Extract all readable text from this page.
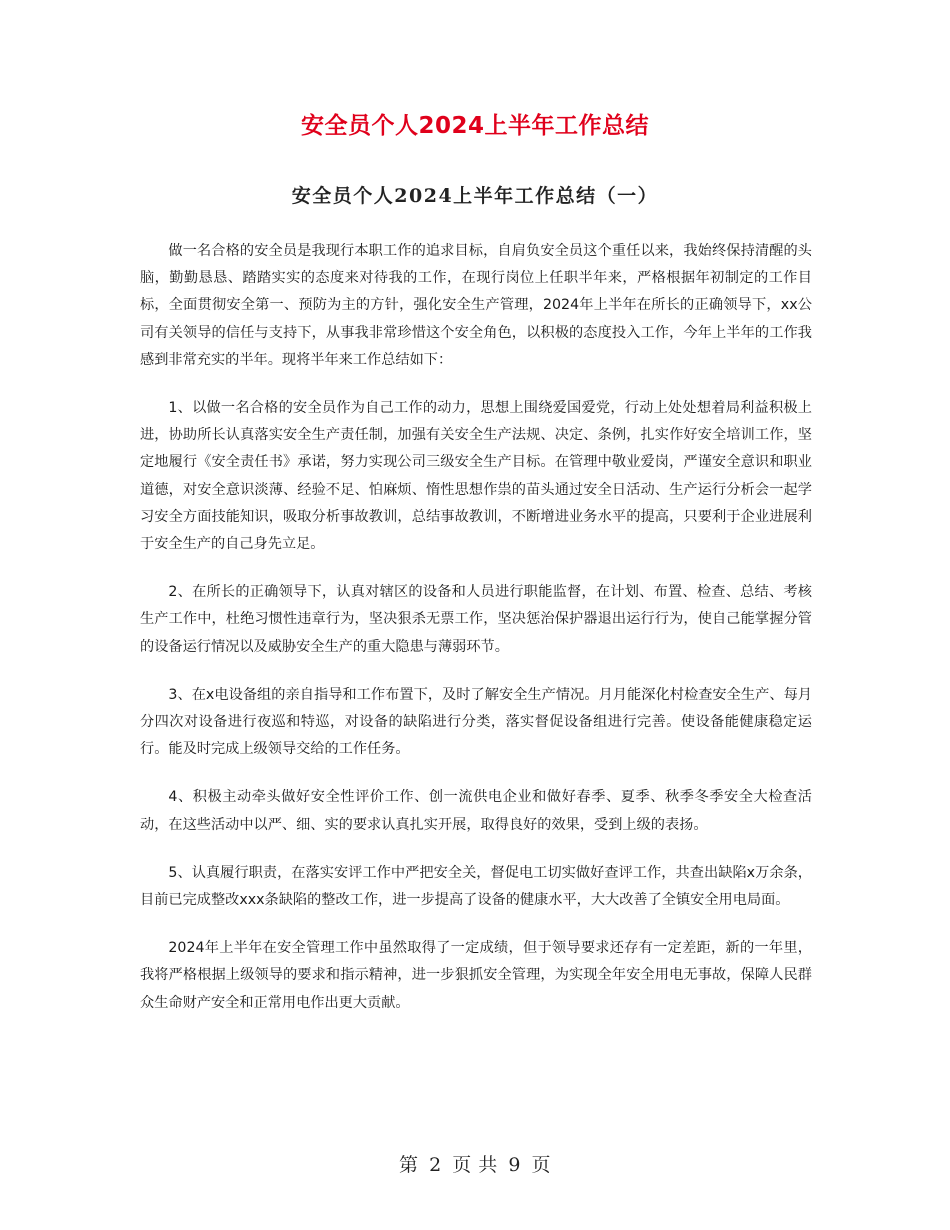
安全员个人2024上半年工作总结
安全员个人2024上半年工作总结（一）

做一名合格的安全员是我现行本职工作的追求目标，自肩负安全员这个重任以来，我始终保持清醒的头脑，勤勤恳恳、踏踏实实的态度来对待我的工作，在现行岗位上任职半年来，严格根据年初制定的工作目标，全面贯彻安全第一、预防为主的方针，强化安全生产管理，2024年上半年在所长的正确领导下，xx公司有关领导的信任与支持下，从事我非常珍惜这个安全角色，以积极的态度投入工作，今年上半年的工作我感到非常充实的半年。现将半年来工作总结如下：

1、以做一名合格的安全员作为自己工作的动力，思想上围绕爱国爱党，行动上处处想着局利益积极上进，协助所长认真落实安全生产责任制，加强有关安全生产法规、决定、条例，扎实作好安全培训工作，坚定地履行《安全责任书》承诺，努力实现公司三级安全生产目标。在管理中敬业爱岗，严谨安全意识和职业道德，对安全意识淡薄、经验不足、怕麻烦、惰性思想作祟的苗头通过安全日活动、生产运行分析会一起学习安全方面技能知识，吸取分析事故教训，总结事故教训，不断增进业务水平的提高，只要利于企业进展利于安全生产的自己身先立足。

2、在所长的正确领导下，认真对辖区的设备和人员进行职能监督，在计划、布置、检查、总结、考核生产工作中，杜绝习惯性违章行为，坚决狠杀无票工作，坚决惩治保护器退出运行行为，使自己能掌握分管的设备运行情况以及威胁安全生产的重大隐患与薄弱环节。

3、在x电设备组的亲自指导和工作布置下，及时了解安全生产情况。月月能深化村检查安全生产、每月分四次对设备进行夜巡和特巡，对设备的缺陷进行分类，落实督促设备组进行完善。使设备能健康稳定运行。能及时完成上级领导交给的工作任务。

4、积极主动牵头做好安全性评价工作、创一流供电企业和做好春季、夏季、秋季冬季安全大检查活动，在这些活动中以严、细、实的要求认真扎实开展，取得良好的效果，受到上级的表扬。

5、认真履行职责，在落实安评工作中严把安全关，督促电工切实做好查评工作，共查出缺陷x万余条，目前已完成整改xxx条缺陷的整改工作，进一步提高了设备的健康水平，大大改善了全镇安全用电局面。

2024年上半年在安全管理工作中虽然取得了一定成绩，但于领导要求还存有一定差距，新的一年里，我将严格根据上级领导的要求和指示精神，进一步狠抓安全管理，为实现全年安全用电无事故，保障人民群众生命财产安全和正常用电作出更大贡献。

第 2 页 共 9 页
